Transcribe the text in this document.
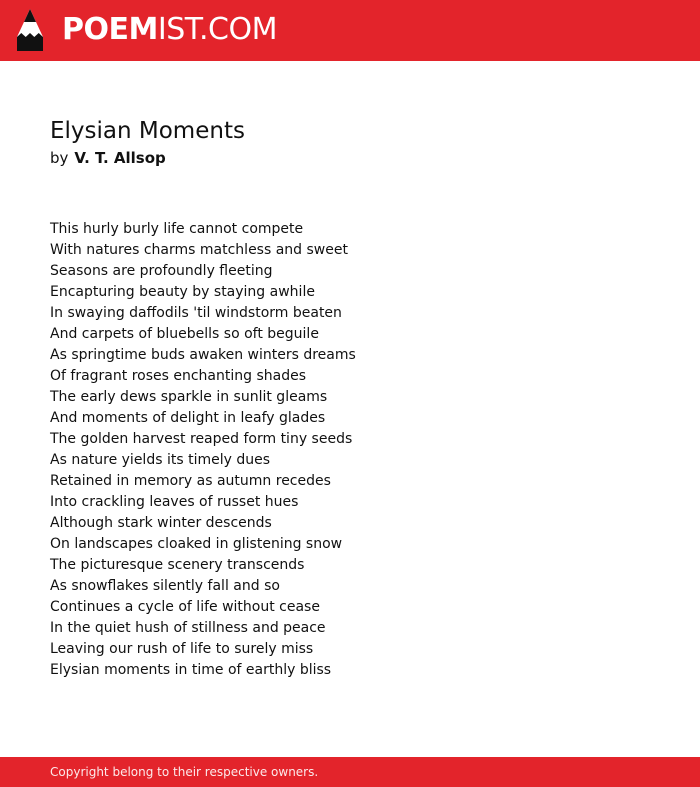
POEMIST.COM
Elysian Moments
by V. T. Allsop
This hurly burly life cannot compete
With natures charms matchless and sweet
Seasons are profoundly fleeting
Encapturing beauty by staying awhile
In swaying daffodils 'til windstorm beaten
And carpets of bluebells so oft beguile
As springtime buds awaken winters dreams
Of fragrant roses enchanting shades
The early dews sparkle in sunlit gleams
And moments of delight in leafy glades
The golden harvest reaped form tiny seeds
As nature yields its timely dues
Retained in memory as autumn recedes
Into crackling leaves of russet hues
Although stark winter descends
On landscapes cloaked in glistening snow
The picturesque scenery transcends
As snowflakes silently fall and so
Continues a cycle of life without cease
In the quiet hush of stillness and peace
Leaving our rush of life to surely miss
Elysian moments in time of earthly bliss
Copyright belong to their respective owners.
